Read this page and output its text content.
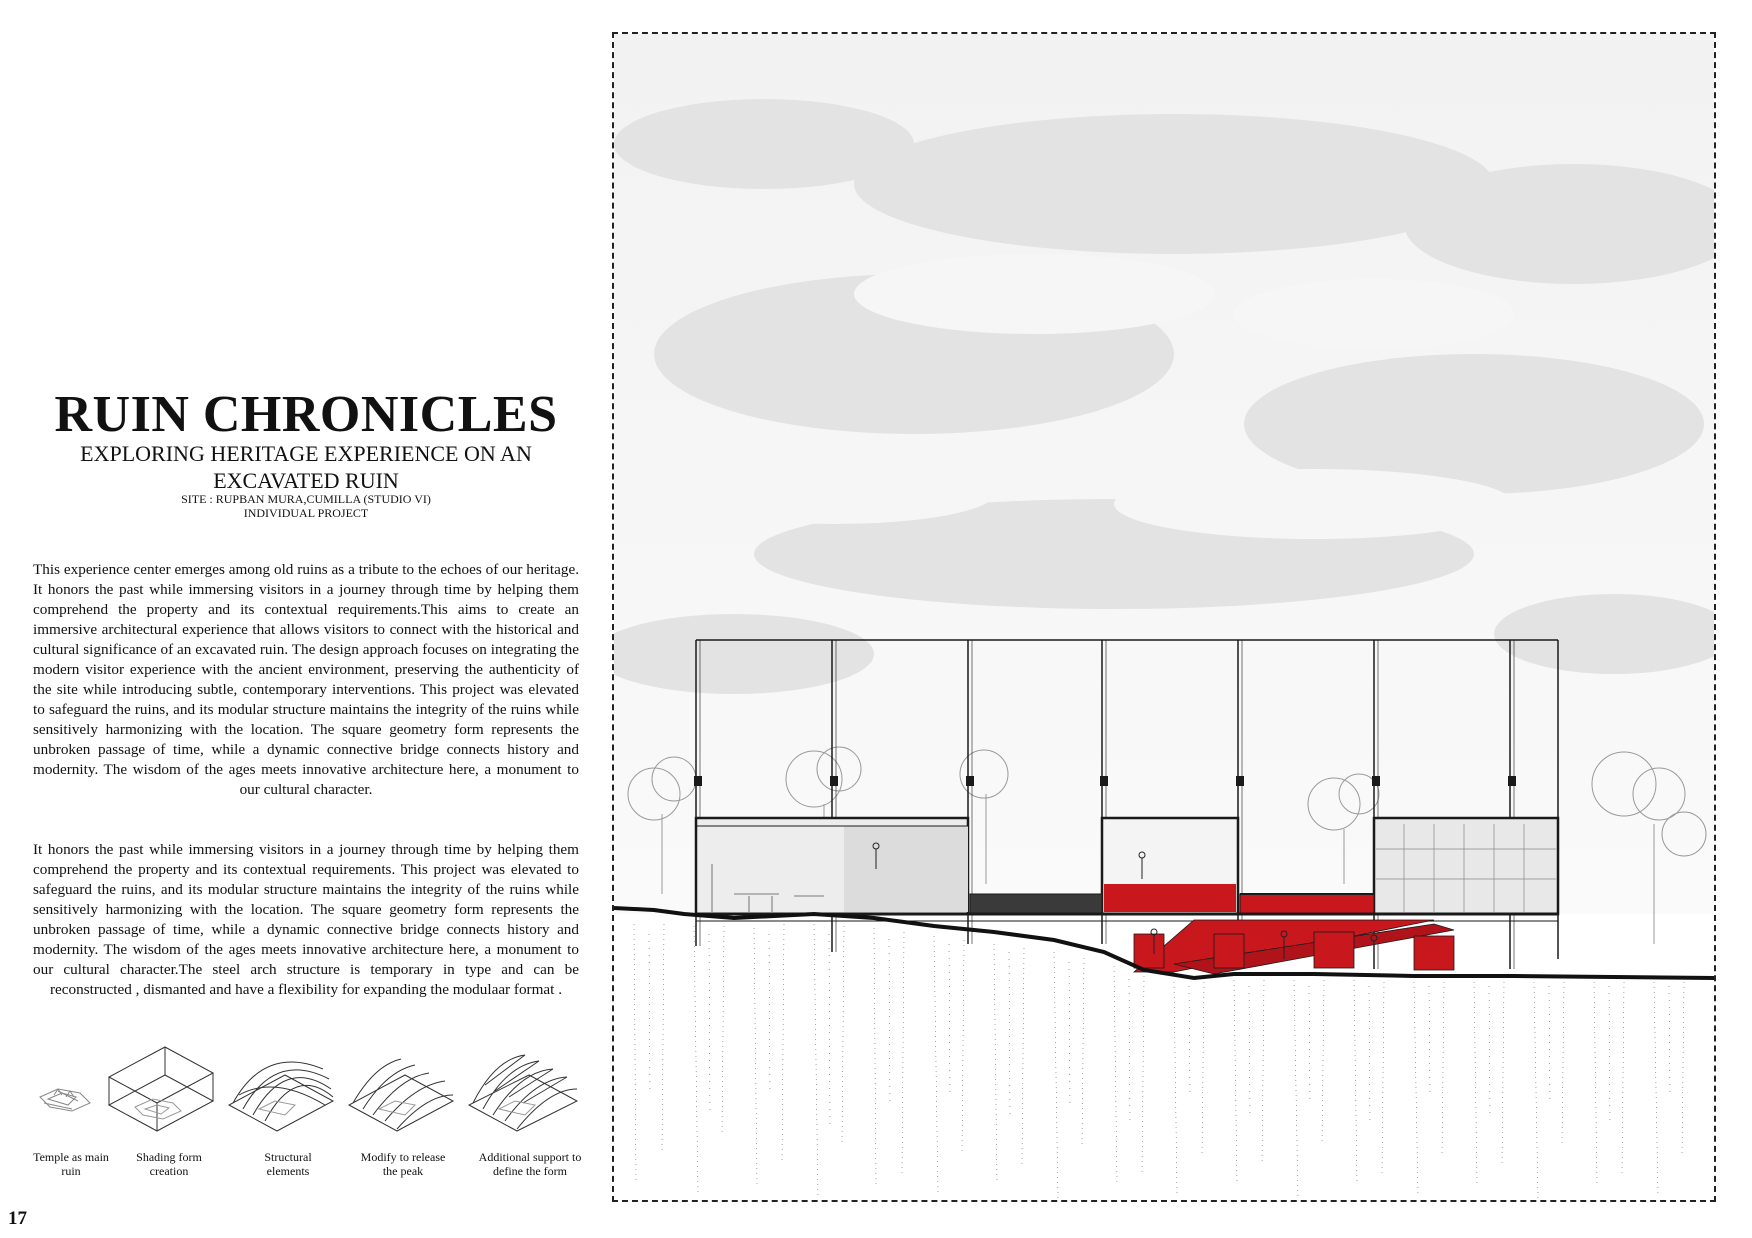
RUIN CHRONICLES
EXPLORING HERITAGE EXPERIENCE ON AN EXCAVATED RUIN
SITE : RUPBAN MURA,CUMILLA (STUDIO VI)
INDIVIDUAL PROJECT

This experience center emerges among old ruins as a tribute to the echoes of our heritage. It honors the past while immersing visitors in a journey through time by helping them comprehend the property and its contextual requirements.This aims to create an immersive architectural experience that allows visitors to connect with the historical and cultural significance of an excavated ruin. The design approach focuses on integrating the modern visitor experience with the ancient environment, preserving the authenticity of the site while introducing subtle, contemporary interventions. This project was elevated to safeguard the ruins, and its modular structure maintains the integrity of the ruins while sensitively harmonizing with the location. The square geometry form represents the unbroken passage of time, while a dynamic connective bridge connects history and modernity. The wisdom of the ages meets innovative architecture here, a monument to our cultural character.

It honors the past while immersing visitors in a journey through time by helping them comprehend the property and its contextual requirements. This project was elevated to safeguard the ruins, and its modular structure maintains the integrity of the ruins while sensitively harmonizing with the location. The square geometry form represents the unbroken passage of time, while a dynamic connective bridge connects history and modernity. The wisdom of the ages meets innovative architecture here, a monument to our cultural character.The steel arch structure is temporary in type and can be reconstructed , dismanted and have a flexibility for expanding the modulaar format .

Temple as main ruin
Shading form creation
Structural elements
Modify to release the peak
Additional support to define the form
17
